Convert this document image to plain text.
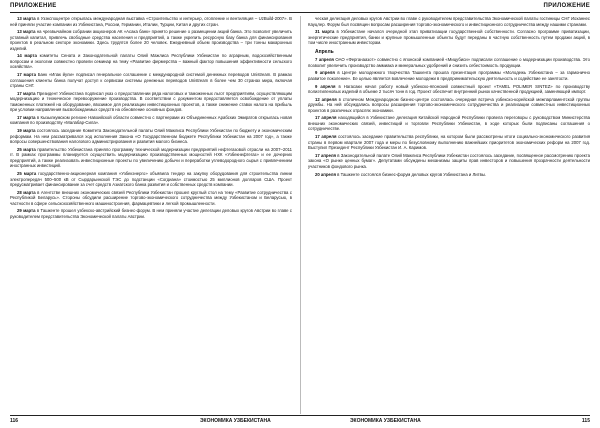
ПРИЛОЖЕНИЕ	ПРИЛОЖЕНИЕ

13 марта в Узэкспоцентре открылась международная выставка «Строительство и интерьер, отопление и вентиляция – UzBuild-2007». В ней приняли участие компании из Узбекистана, России, Германии, Италии, Турции, Китая и других стран.

13 марта на чрезвычайном собрании акционеров АК «Асака банк» принято решение о размещении акций банка. Это позволит увеличить уставный капитал, привлечь свободные средства населения и предприятий, а также укрепить ресурсную базу банка для финансирования проектов в реальном секторе экономики. Здесь трудятся более 20 человек. Ежедневный объем производства – три тонны макаронных изделий.

14 марта комитеты Сената и Законодательной палаты Олий Мажлиса Республики Узбекистан по аграрным, водохозяйственным вопросам и экологии совместно провели семинар на тему «Развитие фермерства – важный фактор повышения эффективности сельского хозяйства».

17 марта Банк «Ипак йули» подписал генеральное соглашение с международной системой денежных переводов Unistream. В рамках соглашения клиенты банка получат доступ к сервисам системы денежных переводов Unistream в более чем 30 странах мира, включая страны СНГ.

17 марта Президент Узбекистана подписал указ о предоставлении ряда налоговых и таможенных льгот предприятиям, осуществляющим модернизацию и техническое перевооружение производства. В соответствии с документом предоставляется освобождение от уплаты таможенных платежей на оборудование, ввозимое для реализации инвестиционных проектов, а также снижение ставок налога на прибыль при условии направления высвобождаемых средств на обновление основных фондов.

17 марта в Кызылкумском регионе Навоийской области совместно с партнерами из Объединенных Арабских Эмиратов открылась новая компания по производству «Малабар-Сила».

19 марта состоялось заседание Комитета Законодательной палаты Олий Мажлиса Республики Узбекистан по бюджету и экономическим реформам. На нем рассматривался ход исполнения Закона «О Государственном бюджете Республики Узбекистан на 2007 год», а также вопросы совершенствования налогового администрирования и развития малого бизнеса.

25 марта правительство Узбекистана приняло программу технической модернизации предприятий нефтегазовой отрасли на 2007–2011 гг. В рамках программы планируется осуществить модернизацию производственных мощностей НХК «Узбекнефтегаз» и ее дочерних предприятий, а также реализовать инвестиционные проекты по увеличению добычи и переработки углеводородного сырья с привлечением иностранных инвестиций.

25 марта государственно-акционерная компания «Узбекэнерго» объявила тендер на закупку оборудования для строительства линии электропередач 500–500 кВ от Сырдарьинской ТЭС до подстанции «Согдиана» стоимостью 25 миллионов долларов США. Проект предусматривает финансирование за счет средств Азиатского банка развития и собственных средств компании.

28 марта в Агентстве внешних экономических связей Республики Узбекистан прошел круглый стол на тему «Развитие сотрудничества с Республикой Беларусь». Стороны обсудили расширение торгово-экономического сотрудничества между Узбекистаном и Беларусью, в частности в сфере сельскохозяйственного машиностроения, фармацевтики и легкой промышленности.

29 марта в Ташкенте прошел узбекско-австрийский бизнес-форум. В нем приняли участие делегации деловых кругов Австрии во главе с руководителем представительства Экономической палаты Австрии.

ческая делегация деловых кругов Австрии во главе с руководителем представительства Экономической палаты гостиницы СНГ Иоханнес Кауцлер. Форум был посвящен вопросам расширения торгово-экономического и инвестиционного сотрудничества между нашими странами.

31 марта в Узбекистане начался очередной этап приватизации государственной собственности. Согласно программе приватизации, энергетические предприятия, банки и крупные промышленные объекты будут переданы в частную собственность путем продажи акций, в том числе иностранным инвесторам.

Апрель

7 апреля ОАО «Ферганаазот» совместно с японской компанией «Мицубиси» подписали соглашение о модернизации производства. Это позволит увеличить производство аммиака и минеральных удобрений и снизить себестоимость продукции.

9 апреля в Центре молодежного творчества Ташкента прошла презентация программы «Молодежь Узбекистана – за гармонично развитое поколение». Ее целью является вовлечение молодежи в предпринимательскую деятельность и содействие ее занятости.

9 апреля в Нагасаки начал работу новый узбекско-японский совместный проект «TAMEL POLIMER SINTEZ» по производству полиэтиленовых изделий в объеме 2 тысяч тонн в год. Проект обеспечит внутренний рынок качественной продукцией, заменяющей импорт.

12 апреля в столичном Международном бизнес-центре состоялась очередная встреча узбекско-корейской межпарламентской группы дружбы. На ней обсуждались вопросы расширения торгово-экономического сотрудничества и реализации совместных инвестиционных проектов в различных отраслях экономики.

17 апреля находящийся в Узбекистане делегация Китайской Народной Республики провела переговоры с руководством Министерства внешних экономических связей, инвестиций и торговли Республики Узбекистан, в ходе которых были подписаны соглашения о сотрудничестве.

17 апреля состоялось заседание правительства республики, на котором были рассмотрены итоги социально-экономического развития страны в первом квартале 2007 года и меры по безусловному выполнению важнейших приоритетов экономических реформ на 2007 год. Выступил Президент Республики Узбекистан И. А. Каримов.

17 апреля в Законодательной палате Олий Мажлиса Республики Узбекистан состоялось заседание, посвященное рассмотрению проекта закона «О рынке ценных бумаг». Депутатами обсуждены механизмы защиты прав инвесторов и повышения прозрачности деятельности участников фондового рынка.

20 апреля в Ташкенте состоялся бизнес-форум деловых кругов Узбекистана и Литвы.

116	ЭКОНОМИКА УЗБЕКИСТАНА	ЭКОНОМИКА УЗБЕКИСТАНА	115
